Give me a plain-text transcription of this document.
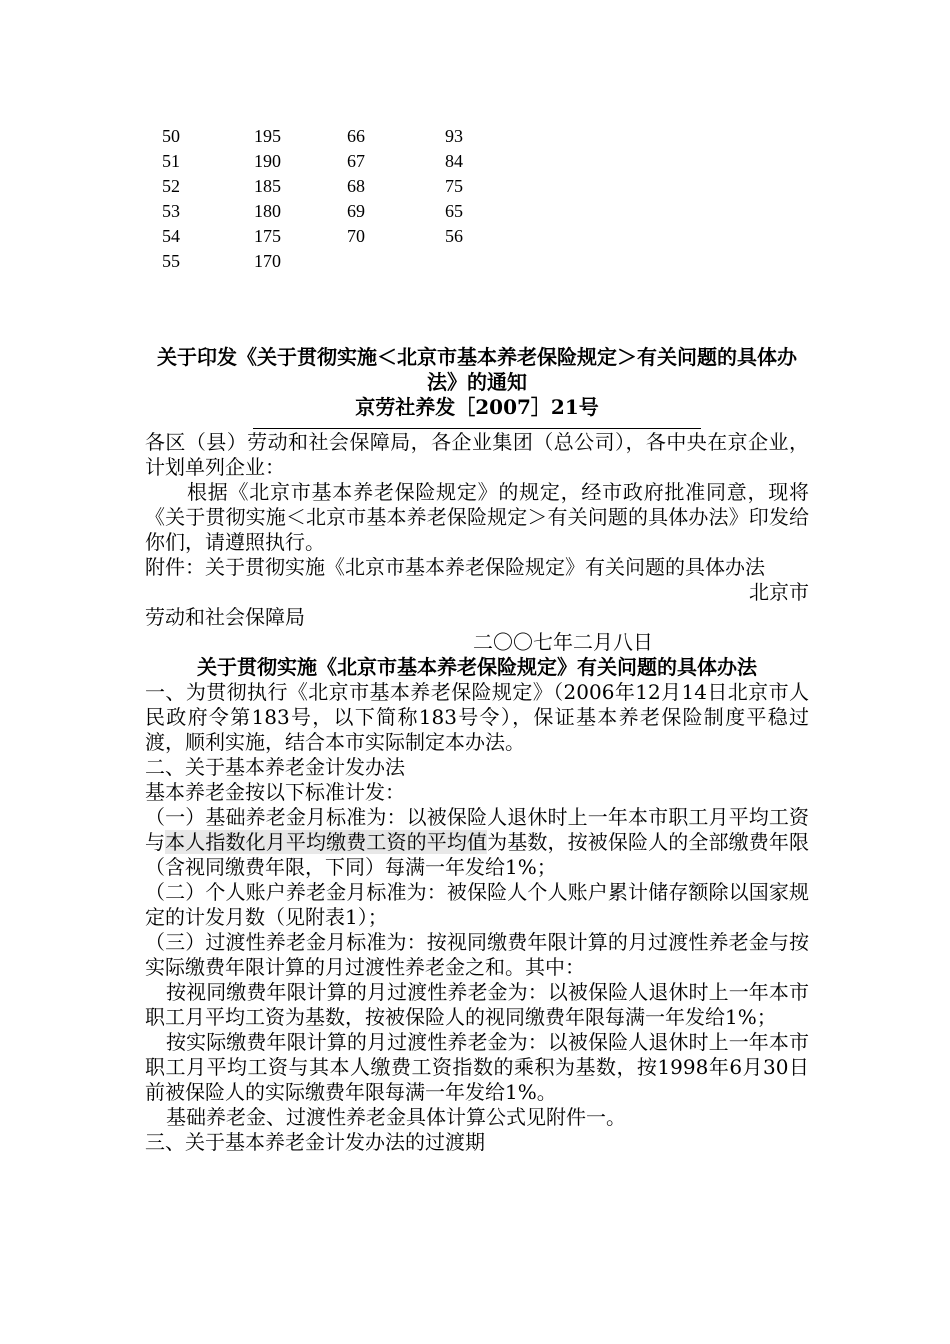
50	195	66	93
51	190	67	84
52	185	68	75
53	180	69	65
54	175	70	56
55	170		

关于印发《关于贯彻实施＜北京市基本养老保险规定＞有关问题的具体办法》的通知

京劳社养发［2007］21号

各区（县）劳动和社会保障局，各企业集团（总公司），各中央在京企业，计划单列企业：

根据《北京市基本养老保险规定》的规定，经市政府批准同意，现将《关于贯彻实施＜北京市基本养老保险规定＞有关问题的具体办法》印发给你们，请遵照执行。

附件：关于贯彻实施《北京市基本养老保险规定》有关问题的具体办法

北京市

劳动和社会保障局

二〇〇七年二月八日

关于贯彻实施《北京市基本养老保险规定》有关问题的具体办法

一、为贯彻执行《北京市基本养老保险规定》（2006年12月14日北京市人民政府令第183号，以下简称183号令），保证基本养老保险制度平稳过渡，顺利实施，结合本市实际制定本办法。

二、关于基本养老金计发办法

基本养老金按以下标准计发：

（一）基础养老金月标准为：以被保险人退休时上一年本市职工月平均工资与本人指数化月平均缴费工资的平均值为基数，按被保险人的全部缴费年限（含视同缴费年限，下同）每满一年发给1%；

（二）个人账户养老金月标准为：被保险人个人账户累计储存额除以国家规定的计发月数（见附表1）；

（三）过渡性养老金月标准为：按视同缴费年限计算的月过渡性养老金与按实际缴费年限计算的月过渡性养老金之和。其中：

按视同缴费年限计算的月过渡性养老金为：以被保险人退休时上一年本市职工月平均工资为基数，按被保险人的视同缴费年限每满一年发给1%；

按实际缴费年限计算的月过渡性养老金为：以被保险人退休时上一年本市职工月平均工资与其本人缴费工资指数的乘积为基数，按1998年6月30日前被保险人的实际缴费年限每满一年发给1%。

基础养老金、过渡性养老金具体计算公式见附件一。

三、关于基本养老金计发办法的过渡期
